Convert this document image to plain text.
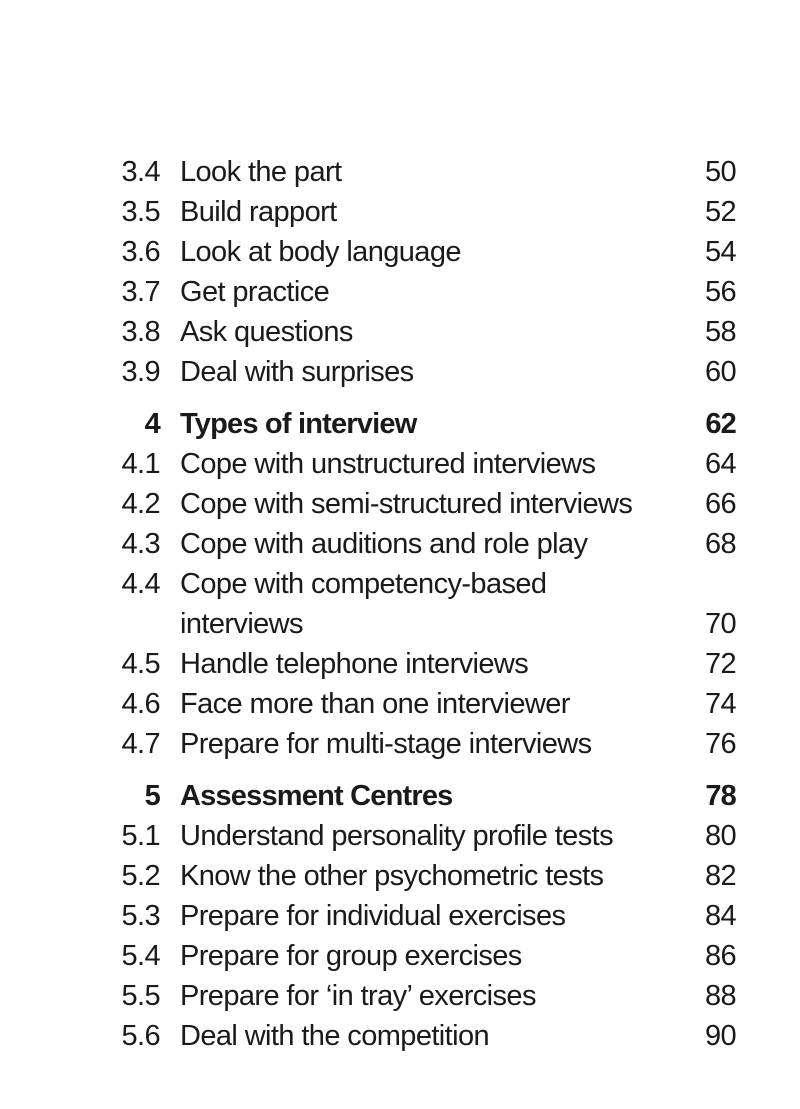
3.4 Look the part	50
3.5 Build rapport	52
3.6 Look at body language	54
3.7 Get practice	56
3.8 Ask questions	58
3.9 Deal with surprises	60
4 Types of interview	62
4.1 Cope with unstructured interviews	64
4.2 Cope with semi-structured interviews	66
4.3 Cope with auditions and role play	68
4.4 Cope with competency-based interviews	70
4.5 Handle telephone interviews	72
4.6 Face more than one interviewer	74
4.7 Prepare for multi-stage interviews	76
5 Assessment Centres	78
5.1 Understand personality profile tests	80
5.2 Know the other psychometric tests	82
5.3 Prepare for individual exercises	84
5.4 Prepare for group exercises	86
5.5 Prepare for ‘in tray’ exercises	88
5.6 Deal with the competition	90
